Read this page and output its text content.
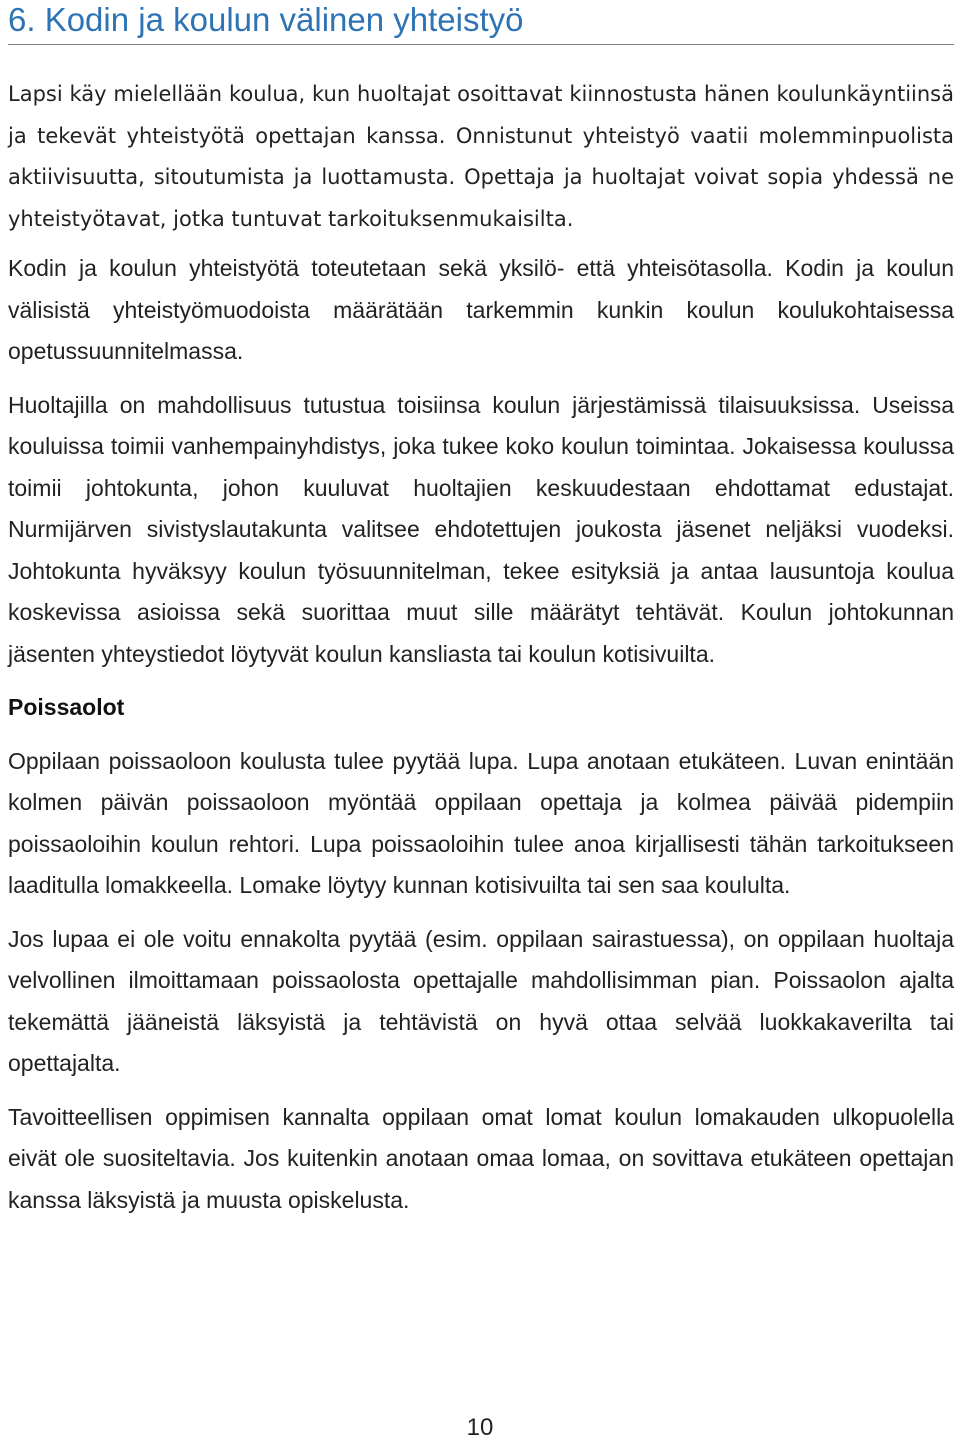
6. Kodin ja koulun välinen yhteistyö

Lapsi käy mielellään koulua, kun huoltajat osoittavat kiinnostusta hänen koulunkäyntiinsä ja tekevät yhteistyötä opettajan kanssa. Onnistunut yhteistyö vaatii molemminpuolista aktiivisuutta, sitoutumista ja luottamusta. Opettaja ja huoltajat voivat sopia yhdessä ne yhteistyötavat, jotka tuntuvat tarkoituksenmukaisilta.

Kodin ja koulun yhteistyötä toteutetaan sekä yksilö- että yhteisötasolla. Kodin ja koulun välisistä yhteistyömuodoista määrätään tarkemmin kunkin koulun koulukohtaisessa opetussuunnitelmassa.

Huoltajilla on mahdollisuus tutustua toisiinsa koulun järjestämissä tilaisuuksissa. Useissa kouluissa toimii vanhempainyhdistys, joka tukee koko koulun toimintaa. Jokaisessa koulussa toimii johtokunta, johon kuuluvat huoltajien keskuudestaan ehdottamat edustajat. Nurmijärven sivistyslautakunta valitsee ehdotettujen joukosta jäsenet neljäksi vuodeksi. Johtokunta hyväksyy koulun työsuunnitelman, tekee esityksiä ja antaa lausuntoja koulua koskevissa asioissa sekä suorittaa muut sille määrätyt tehtävät. Koulun johtokunnan jäsenten yhteystiedot löytyvät koulun kansliasta tai koulun kotisivuilta.

Poissaolot

Oppilaan poissaoloon koulusta tulee pyytää lupa. Lupa anotaan etukäteen. Luvan enintään kolmen päivän poissaoloon myöntää oppilaan opettaja ja kolmea päivää pidempiin poissaoloihin koulun rehtori. Lupa poissaoloihin tulee anoa kirjallisesti tähän tarkoitukseen laaditulla lomakkeella. Lomake löytyy kunnan kotisivuilta tai sen saa koululta.

Jos lupaa ei ole voitu ennakolta pyytää (esim. oppilaan sairastuessa), on oppilaan huoltaja velvollinen ilmoittamaan poissaolosta opettajalle mahdollisimman pian. Poissaolon ajalta tekemättä jääneistä läksyistä ja tehtävistä on hyvä ottaa selvää luokkakaverilta tai opettajalta.

Tavoitteellisen oppimisen kannalta oppilaan omat lomat koulun lomakauden ulkopuolella eivät ole suositeltavia. Jos kuitenkin anotaan omaa lomaa, on sovittava etukäteen opettajan kanssa läksyistä ja muusta opiskelusta.

10
